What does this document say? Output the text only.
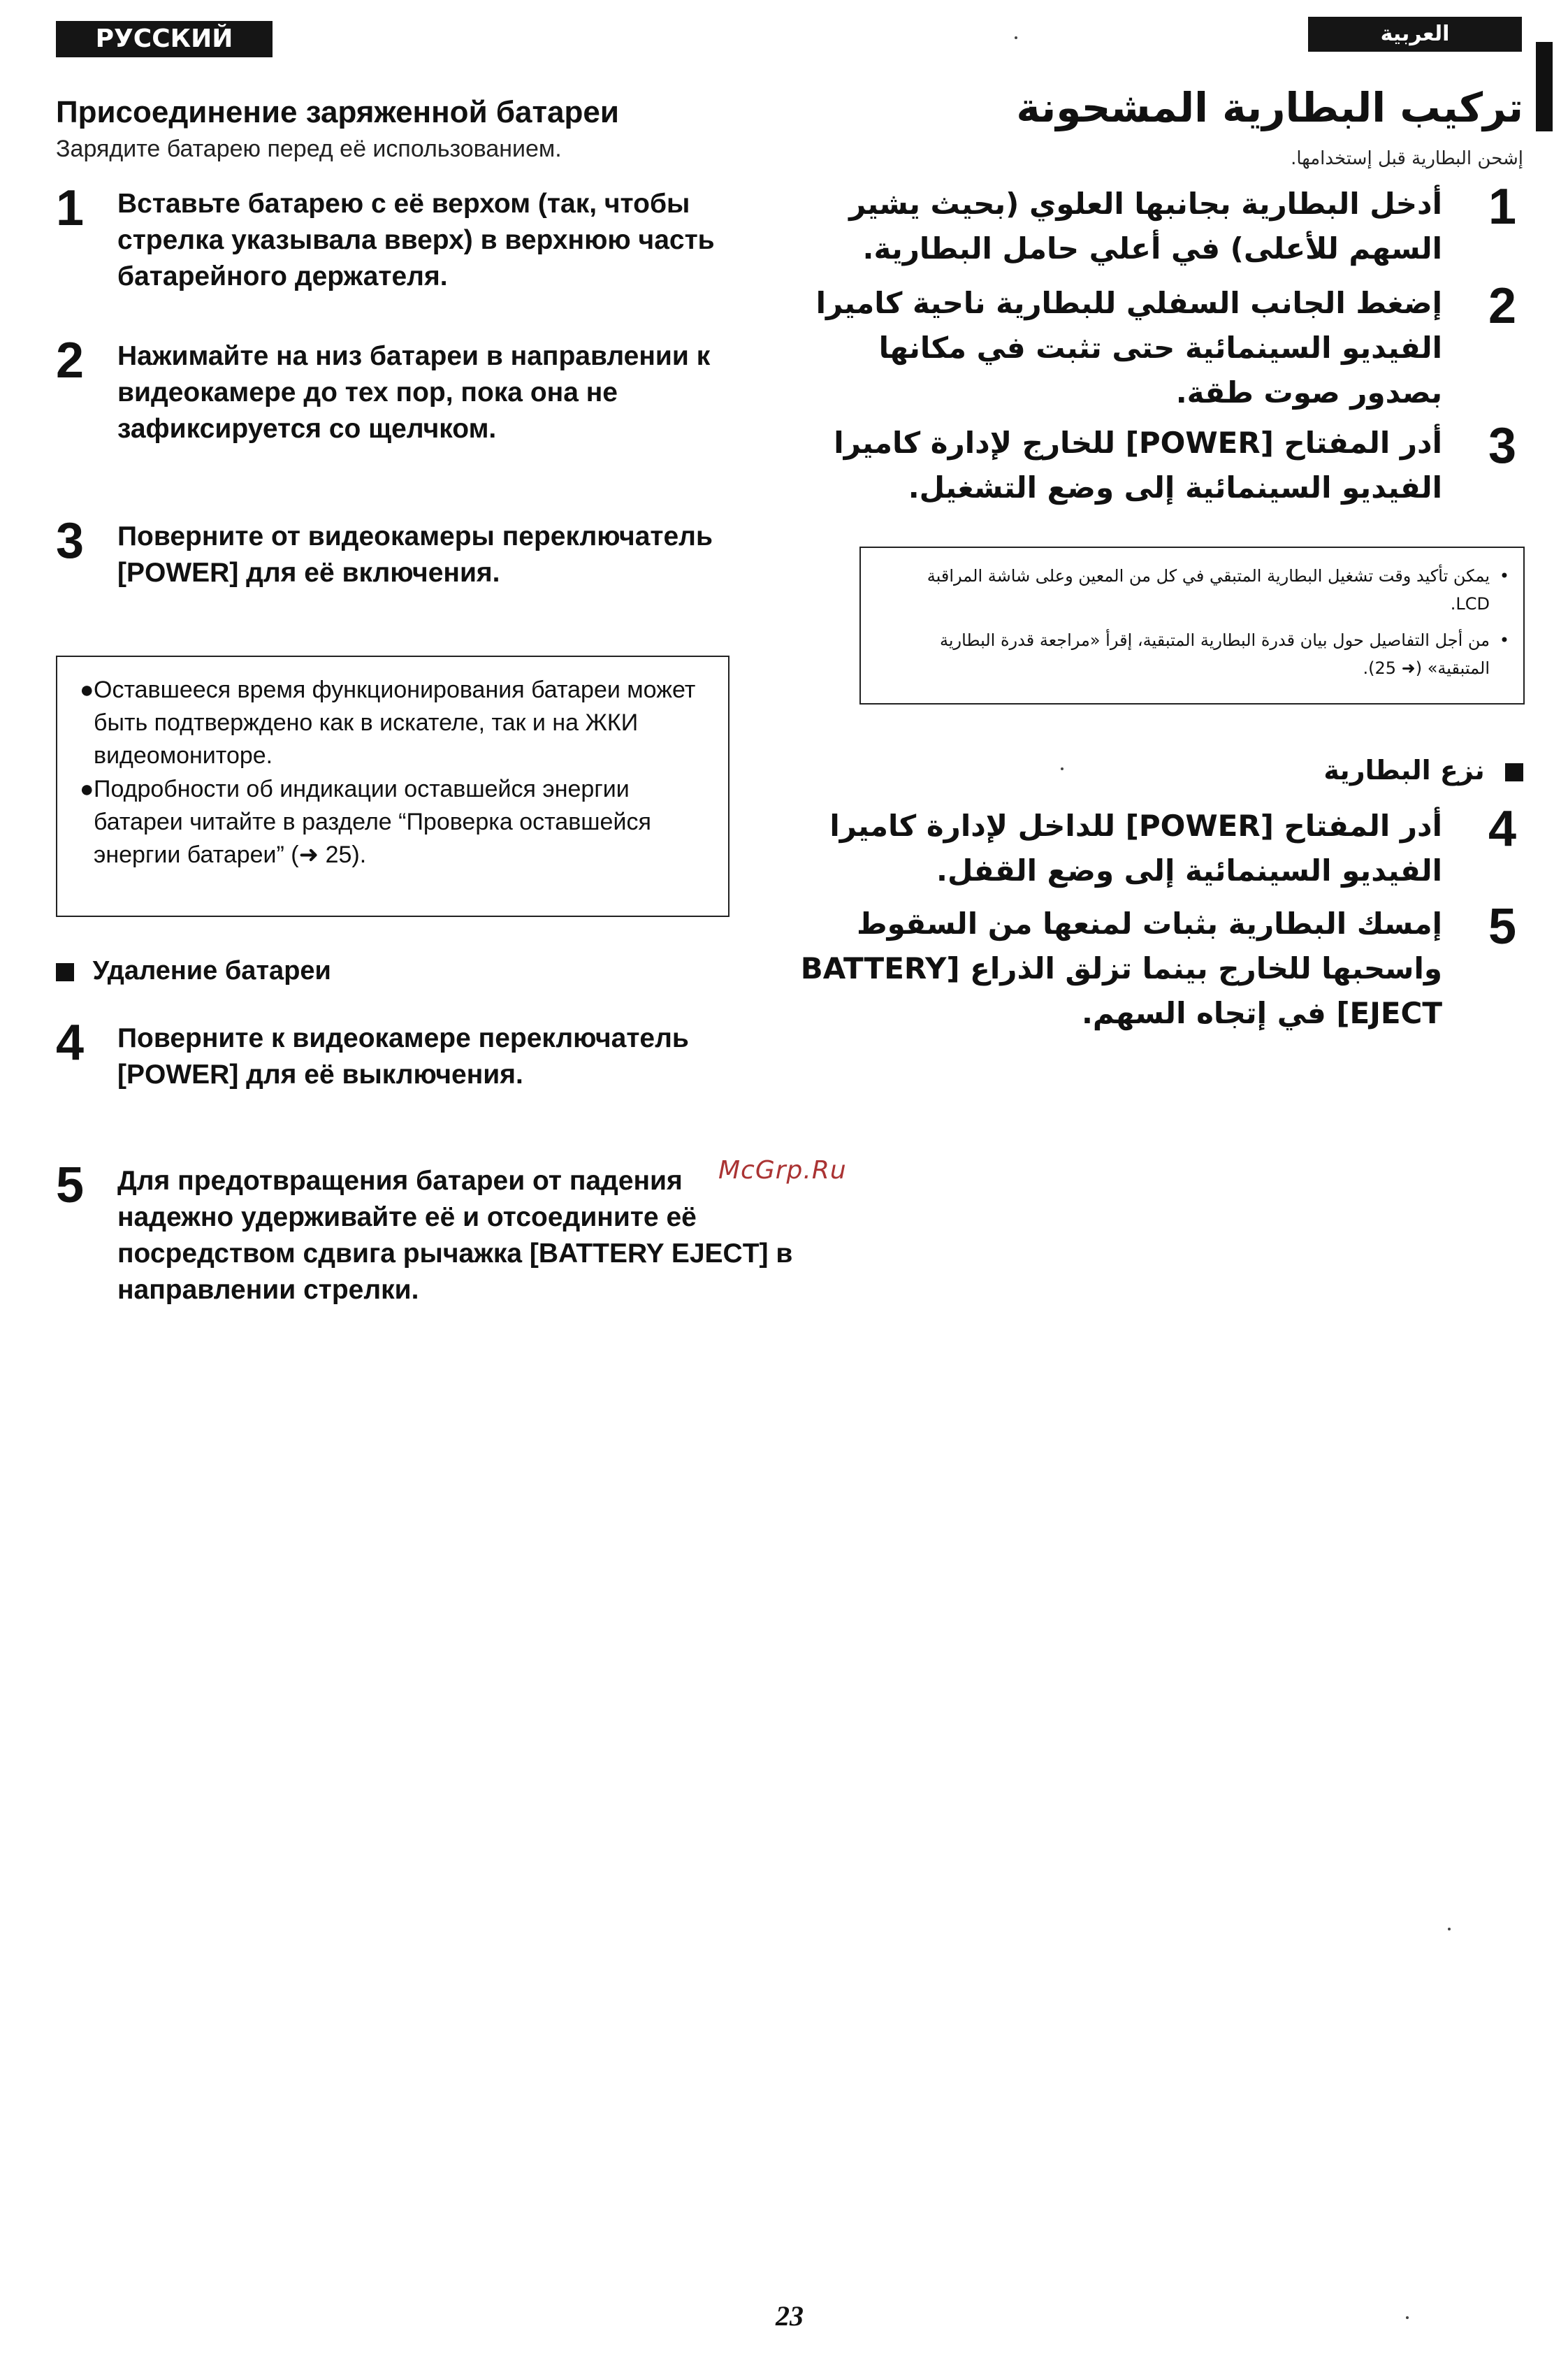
РУССКИЙ ЯЗЫК
العربية
Присоединение заряженной батареи
Зарядите батарею перед её использованием.
1 Вставьте батарею с её верхом (так, чтобы стрелка указывала вверх) в верхнюю часть батарейного держателя.
2 Нажимайте на низ батареи в направлении к видеокамере до тех пор, пока она не зафиксируется со щелчком.
3 Поверните от видеокамеры переключатель [POWER] для её включения.
● Оставшееся время функционирования батареи может быть подтверждено как в искателе, так и на ЖКИ видеомониторе.
● Подробности об индикации оставшейся энергии батареи читайте в разделе “Проверка оставшейся энергии батареи” (➜ 25).
Удаление батареи
4 Поверните к видеокамере переключатель [POWER] для её выключения.
5 Для предотвращения батареи от падения надежно удерживайте её и отсоедините её посредством сдвига рычажка [BATTERY EJECT] в направлении стрелки.
تركيب البطارية المشحونة
إشحن البطارية قبل إستخدامها.
1
أدخل البطارية بجانبها العلوي (بحيث يشير السهم للأعلى) في أعلي حامل البطارية.
2
إضغط الجانب السفلي للبطارية ناحية كاميرا الفيديو السينمائية حتى تثبت في مكانها بصدور صوت طقة.
3
أدر المفتاح [POWER] للخارج لإدارة كاميرا الفيديو السينمائية إلى وضع التشغيل.
•
يمكن تأكيد وقت تشغيل البطارية المتبقي في كل من المعين وعلى شاشة المراقبة LCD.
•
من أجل التفاصيل حول بيان قدرة البطارية المتبقية، إقرأ «مراجعة قدرة البطارية المتبقية» (➜ 25).
نزع البطارية
4
أدر المفتاح [POWER] للداخل لإدارة كاميرا الفيديو السينمائية إلى وضع القفل.
5
إمسك البطارية بثبات لمنعها من السقوط واسحبها للخارج بينما تزلق الذراع [BATTERY EJECT] في إتجاه السهم.
McGrp.Ru
23
